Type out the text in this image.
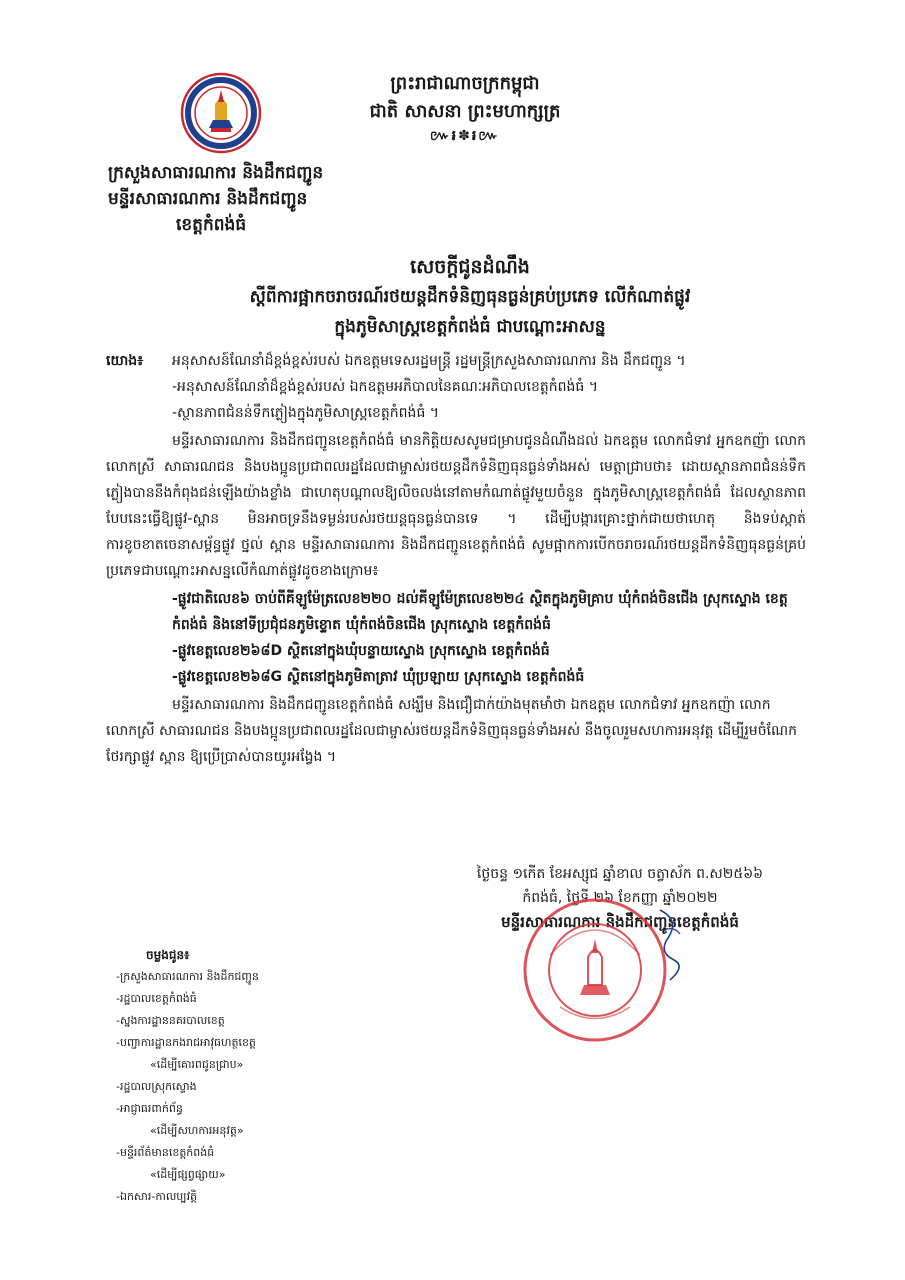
ព្រះរាជាណាចក្រកម្ពុជា
ជាតិ សាសនា ព្រះមហាក្សត្រ
៚៛✽៛៚
ក្រសួងសាធារណការ និងដឹកជញ្ជូន
មន្ទីរសាធារណការ និងដឹកជញ្ជូន
ខេត្តកំពង់ធំ
សេចក្តីជូនដំណឹង
ស្តីពីការផ្អាកចរាចរណ៍រថយន្តដឹកទំនិញធុនធ្ងន់គ្រប់ប្រភេទ លើកំណាត់ផ្លូវ
ក្នុងភូមិសាស្ត្រខេត្តកំពង់ធំ ជាបណ្តោះអាសន្ន
យោង៖	អនុសាសន៍ណែនាំដ៏ខ្ពង់ខ្ពស់របស់ ឯកឧត្តមទេសរដ្ឋមន្ត្រី រដ្ឋមន្ត្រីក្រសួងសាធារណការ និង ដឹកជញ្ជូន ។
-អនុសាសន៍ណែនាំដ៏ខ្ពង់ខ្ពស់របស់ ឯកឧត្តមអភិបាលនៃគណៈអភិបាលខេត្តកំពង់ធំ ។
-ស្ថានភាពជំនន់ទឹកភ្លៀងក្នុងភូមិសាស្ត្រខេត្តកំពង់ធំ ។
មន្ទីរសាធារណការ និងដឹកជញ្ជូនខេត្តកំពង់ធំ មានកិត្តិយសសូមជម្រាបជូនដំណឹងដល់ ឯកឧត្តម លោកជំទាវ អ្នកឧកញ៉ា លោក លោកស្រី សាធារណជន និងបងប្អូនប្រជាពលរដ្ឋដែលជាម្ចាស់រថយន្តដឹកទំនិញធុនធ្ងន់ទាំងអស់ មេត្តាជ្រាបថា៖ ដោយស្ថានភាពជំនន់ទឹកភ្លៀងបាននឹងកំពុងជន់ឡើងយ៉ាងខ្លាំង ជាហេតុបណ្តាលឱ្យលិចលង់នៅតាមកំណាត់ផ្លូវមួយចំនួន ក្នុងភូមិសាស្ត្រខេត្តកំពង់ធំ ដែលស្ថានភាពបែបនេះធ្វើឱ្យផ្លូវ-ស្ពាន មិនអាចទ្រនឹងទម្ងន់របស់រថយន្តធុនធ្ងន់បានទេ ។ ដើម្បីបង្ការគ្រោះថ្នាក់ជាយថាហេតុ និងទប់ស្កាត់ការខូចខាតចេនាសម្ព័ន្ធផ្លូវ ថ្នល់ ស្ពាន មន្ទីរសាធារណការ និងដឹកជញ្ជូនខេត្តកំពង់ធំ សូមផ្អាកការបើកចរាចរណ៍រថយន្តដឹកទំនិញធុនធ្ងន់គ្រប់ប្រភេទជាបណ្តោះអាសន្នលើកំណាត់ផ្លូវដូចខាងក្រោម៖
-ផ្លូវជាតិលេខ៦ ចាប់ពីគីឡូម៉ែត្រលេខ២២០ ដល់គីឡូម៉ែត្រលេខ២២៤ ស្ថិតក្នុងភូមិគ្រាប ឃុំកំពង់ចិនជើង ស្រុកស្ទោង ខេត្តកំពង់ធំ និងនៅទីប្រជុំជនភូមិខ្ទោត ឃុំកំពង់ចិនជើង ស្រុកស្ទោង ខេត្តកំពង់ធំ
-ផ្លូវខេត្តលេខ២៦៨D ស្ថិតនៅក្នុងឃុំបន្ទាយស្ទោង ស្រុកស្ទោង ខេត្តកំពង់ធំ
-ផ្លូវខេត្តលេខ២៦៨G ស្ថិតនៅក្នុងភូមិតាត្រាវ ឃុំប្រឡាយ ស្រុកស្ទោង ខេត្តកំពង់ធំ
មន្ទីរសាធារណការ និងដឹកជញ្ជូនខេត្តកំពង់ធំ សង្ឃឹម និងជឿជាក់យ៉ាងមុតមាំថា ឯកឧត្តម លោកជំទាវ អ្នកឧកញ៉ា លោក លោកស្រី សាធារណជន និងបងប្អូនប្រជាពលរដ្ឋដែលជាម្ចាស់រថយន្តដឹកទំនិញធុនធ្ងន់ទាំងអស់ នឹងចូលរួមសហការអនុវត្ត ដើម្បីរួមចំណែកថែរក្សាផ្លូវ ស្ពាន ឱ្យប្រើប្រាស់បានយូរអង្វែង ។
ថ្ងៃចន្ទ ១កើត ខែអស្សុជ ឆ្នាំខាល ចត្វាស័ក ព.ស២៥៦៦
កំពង់ធំ, ថ្ងៃទី ២៦ ខែកញ្ញា ឆ្នាំ២០២២
មន្ទីរសាធារណការ និងដឹកជញ្ជូនខេត្តកំពង់ធំ
ចម្លងជូន៖
-ក្រសួងសាធារណការ និងដឹកជញ្ជូន
-រដ្ឋបាលខេត្តកំពង់ធំ
-ស្នងការដ្ឋាននគរបាលខេត្ត
-បញ្ជាការដ្ឋានកងរាជអាវុធហត្ថខេត្ត
«ដើម្បីគោរពជូនជ្រាប»
-រដ្ឋបាលស្រុកស្ទោង
-អាជ្ញាធរពាក់ព័ន្ធ
«ដើម្បីសហការអនុវត្ត»
-មន្ទីរព័ត៌មានខេត្តកំពង់ធំ
«ដើម្បីផ្សព្វផ្សាយ»
-ឯកសារ-កាលប្បវត្តិ
